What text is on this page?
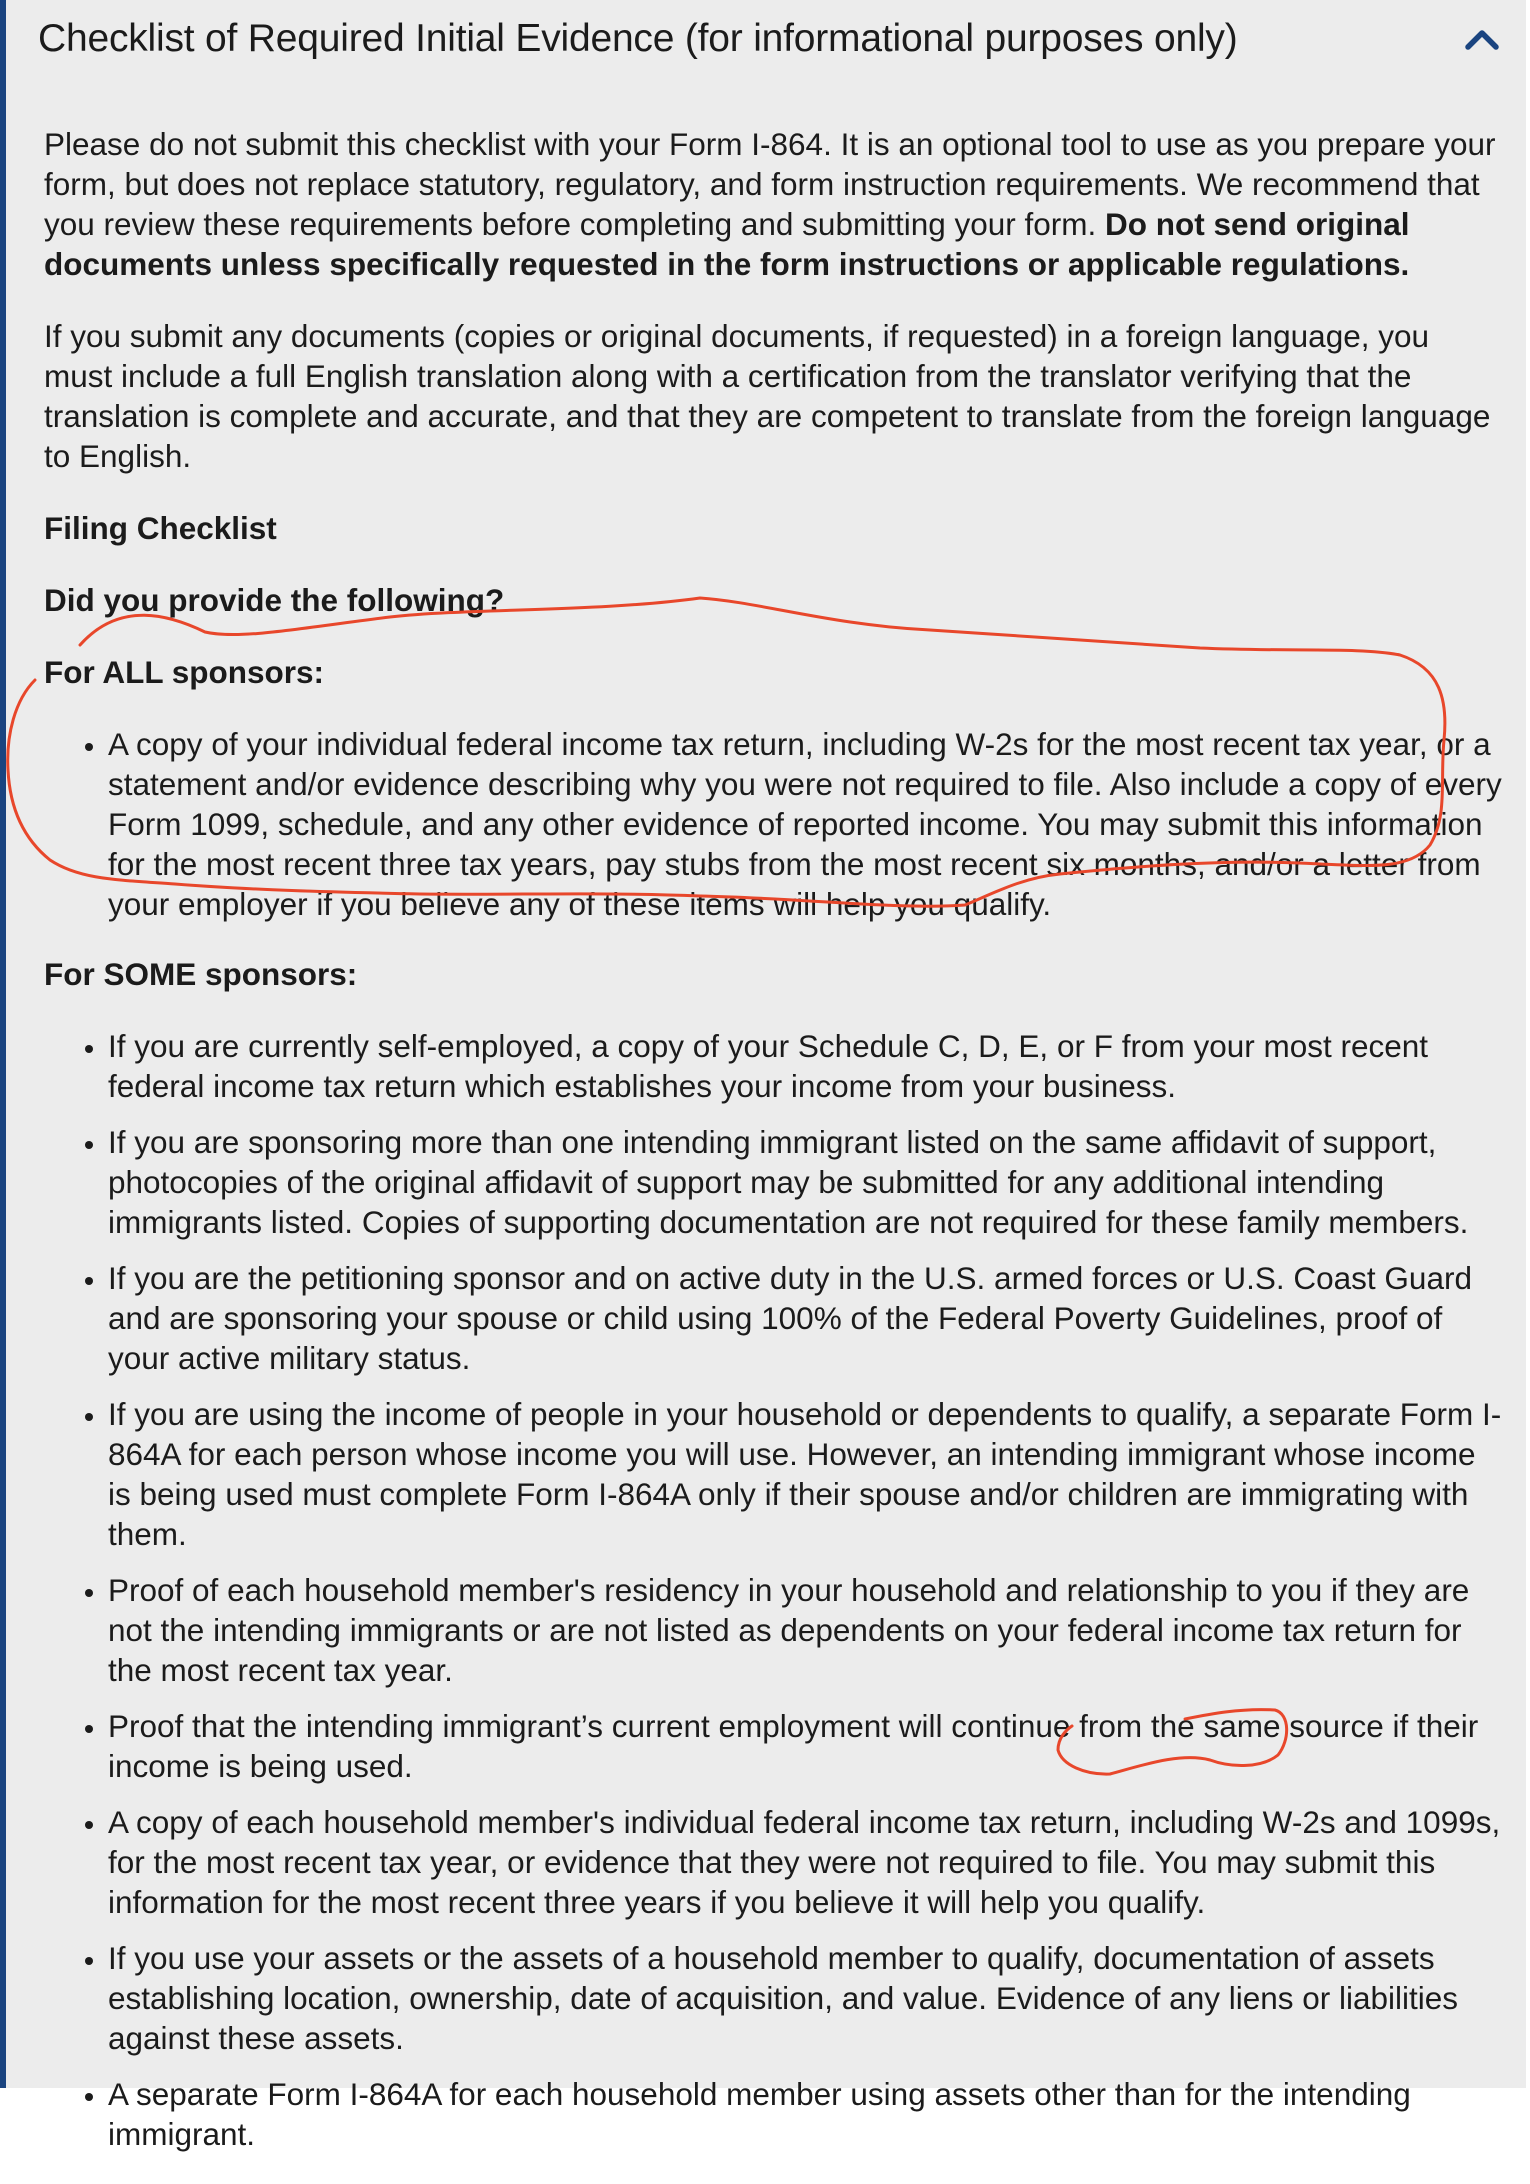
Checklist of Required Initial Evidence (for informational purposes only)

Please do not submit this checklist with your Form I-864. It is an optional tool to use as you prepare your form, but does not replace statutory, regulatory, and form instruction requirements. We recommend that you review these requirements before completing and submitting your form. Do not send original documents unless specifically requested in the form instructions or applicable regulations.

If you submit any documents (copies or original documents, if requested) in a foreign language, you must include a full English translation along with a certification from the translator verifying that the translation is complete and accurate, and that they are competent to translate from the foreign language to English.

Filing Checklist
Did you provide the following?
For ALL sponsors:
• A copy of your individual federal income tax return, including W-2s for the most recent tax year, or a statement and/or evidence describing why you were not required to file. Also include a copy of every Form 1099, schedule, and any other evidence of reported income. You may submit this information for the most recent three tax years, pay stubs from the most recent six months, and/or a letter from your employer if you believe any of these items will help you qualify.
For SOME sponsors:
• If you are currently self-employed, a copy of your Schedule C, D, E, or F from your most recent federal income tax return which establishes your income from your business.
• If you are sponsoring more than one intending immigrant listed on the same affidavit of support, photocopies of the original affidavit of support may be submitted for any additional intending immigrants listed. Copies of supporting documentation are not required for these family members.
• If you are the petitioning sponsor and on active duty in the U.S. armed forces or U.S. Coast Guard and are sponsoring your spouse or child using 100% of the Federal Poverty Guidelines, proof of your active military status.
• If you are using the income of people in your household or dependents to qualify, a separate Form I-864A for each person whose income you will use. However, an intending immigrant whose income is being used must complete Form I-864A only if their spouse and/or children are immigrating with them.
• Proof of each household member's residency in your household and relationship to you if they are not the intending immigrants or are not listed as dependents on your federal income tax return for the most recent tax year.
• Proof that the intending immigrant’s current employment will continue from the same source if their income is being used.
• A copy of each household member's individual federal income tax return, including W-2s and 1099s, for the most recent tax year, or evidence that they were not required to file. You may submit this information for the most recent three years if you believe it will help you qualify.
• If you use your assets or the assets of a household member to qualify, documentation of assets establishing location, ownership, date of acquisition, and value. Evidence of any liens or liabilities against these assets.
• A separate Form I-864A for each household member using assets other than for the intending immigrant.
